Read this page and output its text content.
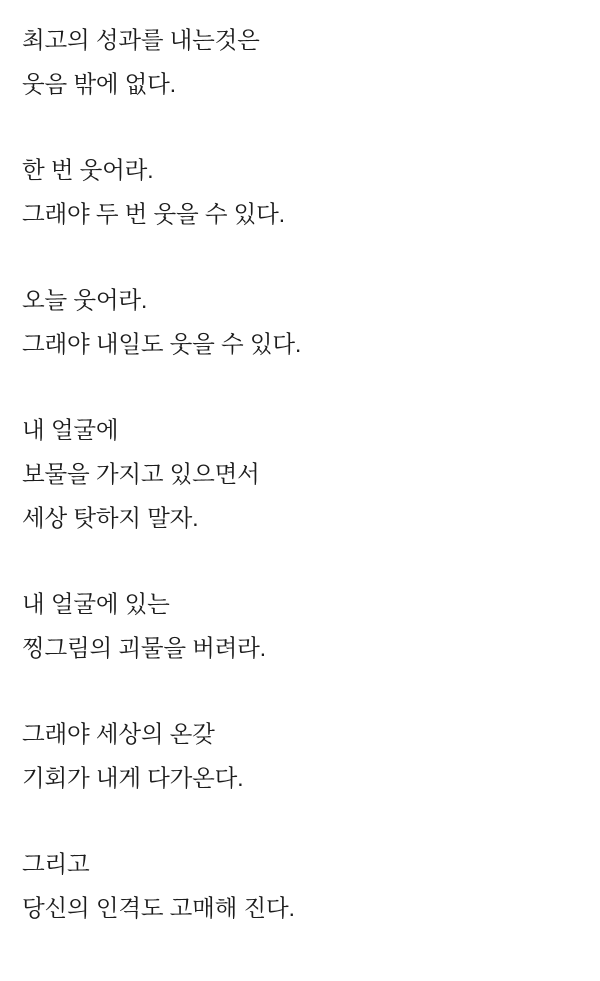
최고의 성과를 내는것은
웃음 밖에 없다.
한 번 웃어라.
그래야 두 번 웃을 수 있다.
오늘 웃어라.
그래야 내일도 웃을 수 있다.
내 얼굴에
보물을 가지고 있으면서
세상 탓하지 말자.
내 얼굴에 있는
찡그림의 괴물을 버려라.
그래야 세상의 온갖
기회가 내게 다가온다.
그리고
당신의 인격도 고매해 진다.
